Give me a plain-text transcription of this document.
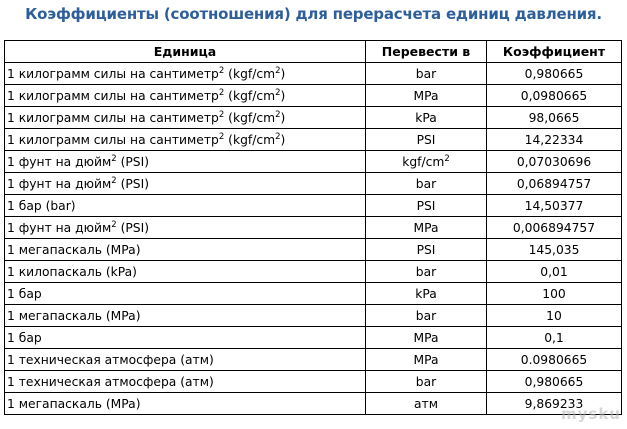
Коэффициенты (соотношения) для перерасчета единиц давления.
Единица	Перевести в	Коэффициент
1 килограмм силы на сантиметр$^2$ $(kgf/cm^2)$	bar	0,980665
1 килограмм силы на сантиметр$^2$ $(kgf/cm^2)$	MPa	0,0980665
1 килограмм силы на сантиметр$^2$ $(kgf/cm^2)$	kPa	98,0665
1 килограмм силы на сантиметр$^2$ $(kgf/cm^2)$	PSI	14,22334
1 фунт на дюйм$^2$ (PSI)	kgf/$cm^2$	0,07030696
1 фунт на дюйм$^2$ (PSI)	bar	0,06894757
1 бар (bar)	PSI	14,50377
1 фунт на дюйм$^2$ (PSI)	MPa	0,006894757
1 мегапаскаль (MPa)	PSI	145,035
1 килопаскаль (kPa)	bar	0,01
1 бар	kPa	100
1 мегапаскаль (MPa)	bar	10
1 бар	MPa	0,1
1 техническая атмосфера (атм)	MPa	0.0980665
1 техническая атмосфера (атм)	bar	0,980665
1 мегапаскаль (MPa)	атм	9,869233
mysku
